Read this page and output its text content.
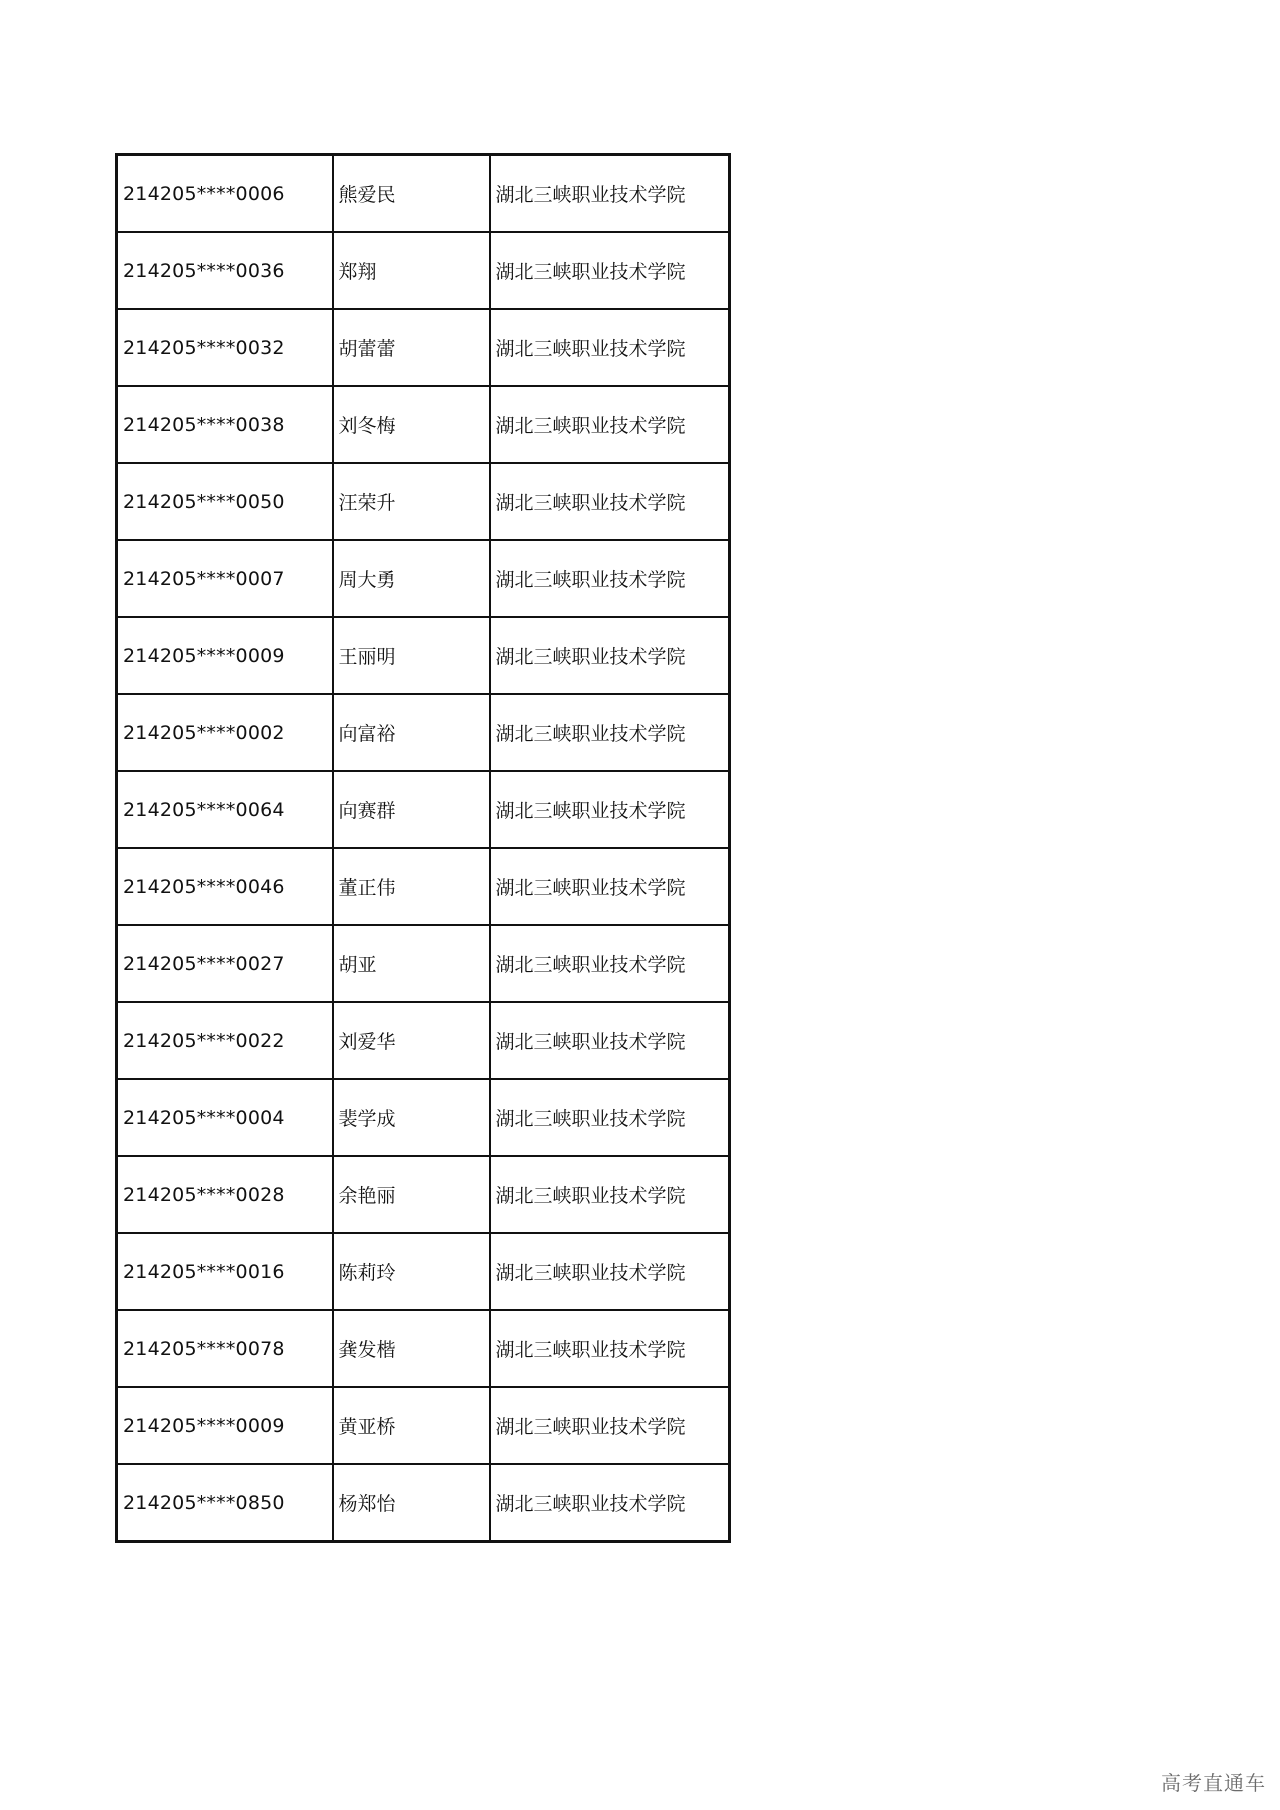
214205****0006	熊爱民	湖北三峡职业技术学院
214205****0036	郑翔	湖北三峡职业技术学院
214205****0032	胡蕾蕾	湖北三峡职业技术学院
214205****0038	刘冬梅	湖北三峡职业技术学院
214205****0050	汪荣升	湖北三峡职业技术学院
214205****0007	周大勇	湖北三峡职业技术学院
214205****0009	王丽明	湖北三峡职业技术学院
214205****0002	向富裕	湖北三峡职业技术学院
214205****0064	向赛群	湖北三峡职业技术学院
214205****0046	董正伟	湖北三峡职业技术学院
214205****0027	胡亚	湖北三峡职业技术学院
214205****0022	刘爱华	湖北三峡职业技术学院
214205****0004	裴学成	湖北三峡职业技术学院
214205****0028	余艳丽	湖北三峡职业技术学院
214205****0016	陈莉玲	湖北三峡职业技术学院
214205****0078	龚发楷	湖北三峡职业技术学院
214205****0009	黄亚桥	湖北三峡职业技术学院
214205****0850	杨郑怡	湖北三峡职业技术学院
高考直通车
